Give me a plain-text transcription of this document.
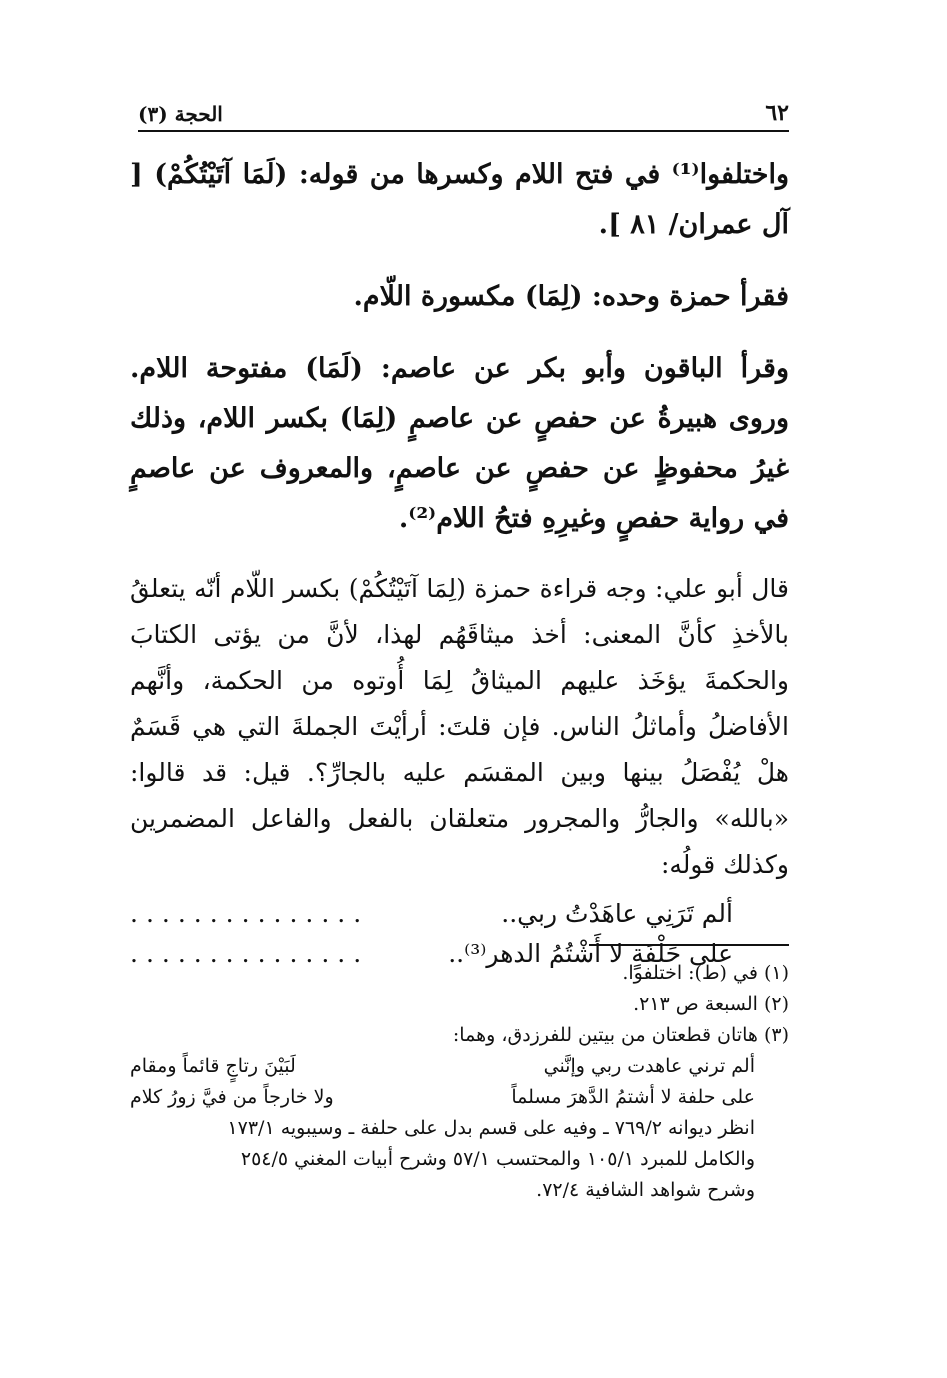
٦٢
الحجة (٣)

واختلفوا⁽¹⁾ في فتح اللام وكسرها من قوله: (لَمَا آتَيْتُكُمْ) [ آل عمران/ ٨١ ].

فقرأ حمزة وحده: (لِمَا) مكسورة اللّام.

وقرأ الباقون وأبو بكر عن عاصم: (لَمَا) مفتوحة اللام. وروى هبيرةُ عن حفصٍ عن عاصمٍ (لِمَا) بكسر اللام، وذلك غيرُ محفوظٍ عن حفصٍ عن عاصمٍ، والمعروف عن عاصمٍ في رواية حفصٍ وغيرِهِ فتحُ اللام⁽²⁾.

قال أبو علي: وجه قراءة حمزة (لِمَا آتَيْتُكُمْ) بكسر اللّام أنّه يتعلقُ بالأخذِ كأنَّ المعنى: أخذ ميثاقَهُم لهذا، لأنَّ من يؤتى الكتابَ والحكمةَ يؤخَذ عليهم الميثاقُ لِمَا أُوتوه من الحكمة، وأنَّهم الأفاضلُ وأماثلُ الناس. فإن قلتَ: أرأيْتَ الجملةَ التي هي قَسَمٌ هلْ يُفْصَلُ بينها وبين المقسَم عليه بالجارِّ؟. قيل: قد قالوا: «بالله» والجارُّ والمجرور متعلقان بالفعل والفاعل المضمرين وكذلك قولُه:

ألم تَرَنِي عاهَدْتُ ربي..
...............
على حَلْفَةٍ لا أَشْتُمُ الدهر⁽³⁾..
...............

(١) في (ط): اختلفوا.

(٢) السبعة ص ٢١٣.

(٣) هاتان قطعتان من بيتين للفرزدق، وهما:

ألم ترني عاهدت ربي وإنَّني
لَبَيْنَ رتاجٍ قائماً ومقام
على حلفة لا أشتمُ الدَّهرَ مسلماً
ولا خارجاً من فيَّ زورُ كلام

انظر ديوانه ٧٦٩/٢ ـ وفيه على قسم بدل على حلفة ـ وسيبويه ١٧٣/١

والكامل للمبرد ١٠٥/١ والمحتسب ٥٧/١ وشرح أبيات المغني ٢٥٤/٥

وشرح شواهد الشافية ٧٢/٤.
